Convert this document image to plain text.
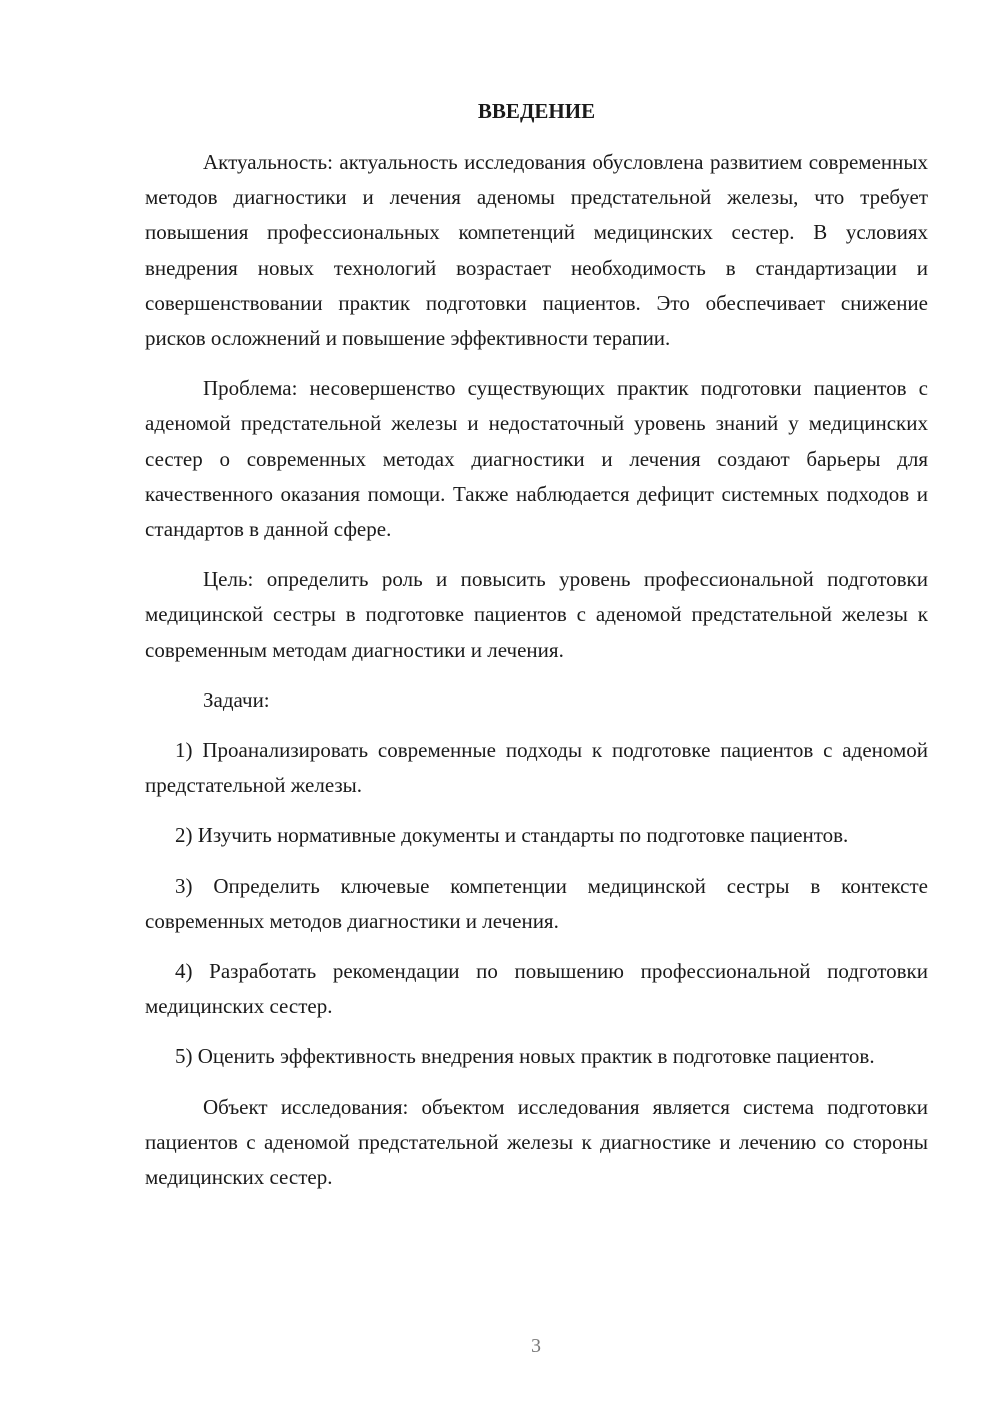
ВВЕДЕНИЕ

Актуальность: актуальность исследования обусловлена развитием современных методов диагностики и лечения аденомы предстательной железы, что требует повышения профессиональных компетенций медицинских сестер. В условиях внедрения новых технологий возрастает необходимость в стандартизации и совершенствовании практик подготовки пациентов. Это обеспечивает снижение рисков осложнений и повышение эффективности терапии.

Проблема: несовершенство существующих практик подготовки пациентов с аденомой предстательной железы и недостаточный уровень знаний у медицинских сестер о современных методах диагностики и лечения создают барьеры для качественного оказания помощи. Также наблюдается дефицит системных подходов и стандартов в данной сфере.

Цель: определить роль и повысить уровень профессиональной подготовки медицинской сестры в подготовке пациентов с аденомой предстательной железы к современным методам диагностики и лечения.

Задачи:

1) Проанализировать современные подходы к подготовке пациентов с аденомой предстательной железы.

2) Изучить нормативные документы и стандарты по подготовке пациентов.

3) Определить ключевые компетенции медицинской сестры в контексте современных методов диагностики и лечения.

4) Разработать рекомендации по повышению профессиональной подготовки медицинских сестер.

5) Оценить эффективность внедрения новых практик в подготовке пациентов.

Объект исследования: объектом исследования является система подготовки пациентов с аденомой предстательной железы к диагностике и лечению со стороны медицинских сестер.

3
